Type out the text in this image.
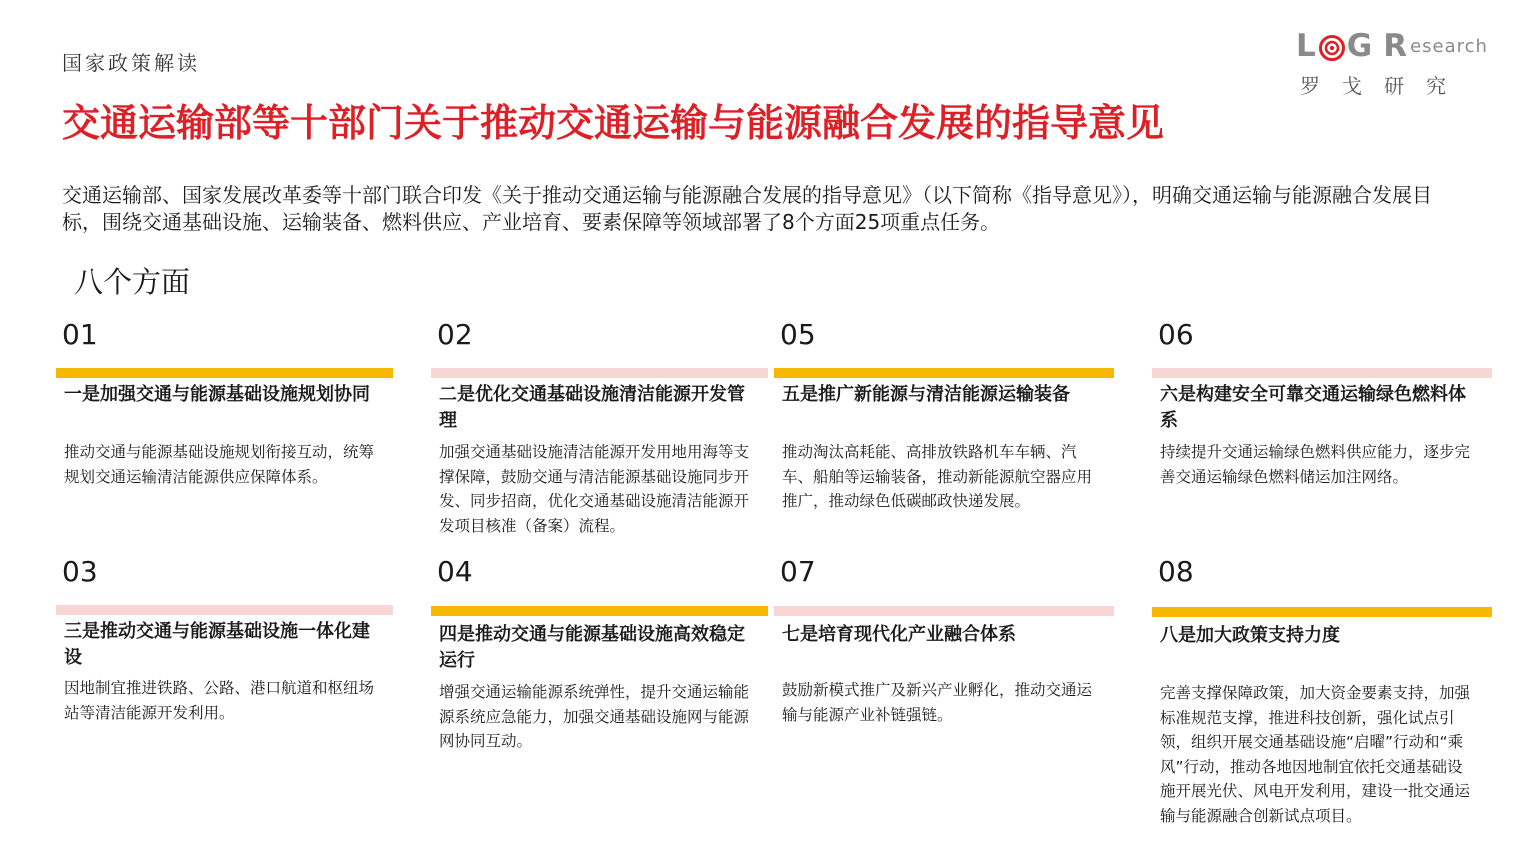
国家政策解读	L G R esearch
罗戈研究
交通运输部等十部门关于推动交通运输与能源融合发展的指导意见
交通运输部、国家发展改革委等十部门联合印发《关于推动交通运输与能源融合发展的指导意见》（以下简称《指导意见》），明确交通运输与能源融合发展目标，围绕交通基础设施、运输装备、燃料供应、产业培育、要素保障等领域部署了8个方面25项重点任务。
八个方面
01
一是加强交通与能源基础设施规划协同
推动交通与能源基础设施规划衔接互动，统筹规划交通运输清洁能源供应保障体系。
02
二是优化交通基础设施清洁能源开发管理
加强交通基础设施清洁能源开发用地用海等支撑保障，鼓励交通与清洁能源基础设施同步开发、同步招商，优化交通基础设施清洁能源开发项目核准（备案）流程。
05
五是推广新能源与清洁能源运输装备
推动淘汰高耗能、高排放铁路机车车辆、汽车、船舶等运输装备，推动新能源航空器应用推广，推动绿色低碳邮政快递发展。
06
六是构建安全可靠交通运输绿色燃料体系
持续提升交通运输绿色燃料供应能力，逐步完善交通运输绿色燃料储运加注网络。
03
三是推动交通与能源基础设施一体化建设
因地制宜推进铁路、公路、港口航道和枢纽场站等清洁能源开发利用。
04
四是推动交通与能源基础设施高效稳定运行
增强交通运输能源系统弹性，提升交通运输能源系统应急能力，加强交通基础设施网与能源网协同互动。
07
七是培育现代化产业融合体系
鼓励新模式推广及新兴产业孵化，推动交通运输与能源产业补链强链。
08
八是加大政策支持力度
完善支撑保障政策，加大资金要素支持，加强标准规范支撑，推进科技创新，强化试点引领，组织开展交通基础设施“启曜”行动和“乘风”行动，推动各地因地制宜依托交通基础设施开展光伏、风电开发利用，建设一批交通运输与能源融合创新试点项目。
